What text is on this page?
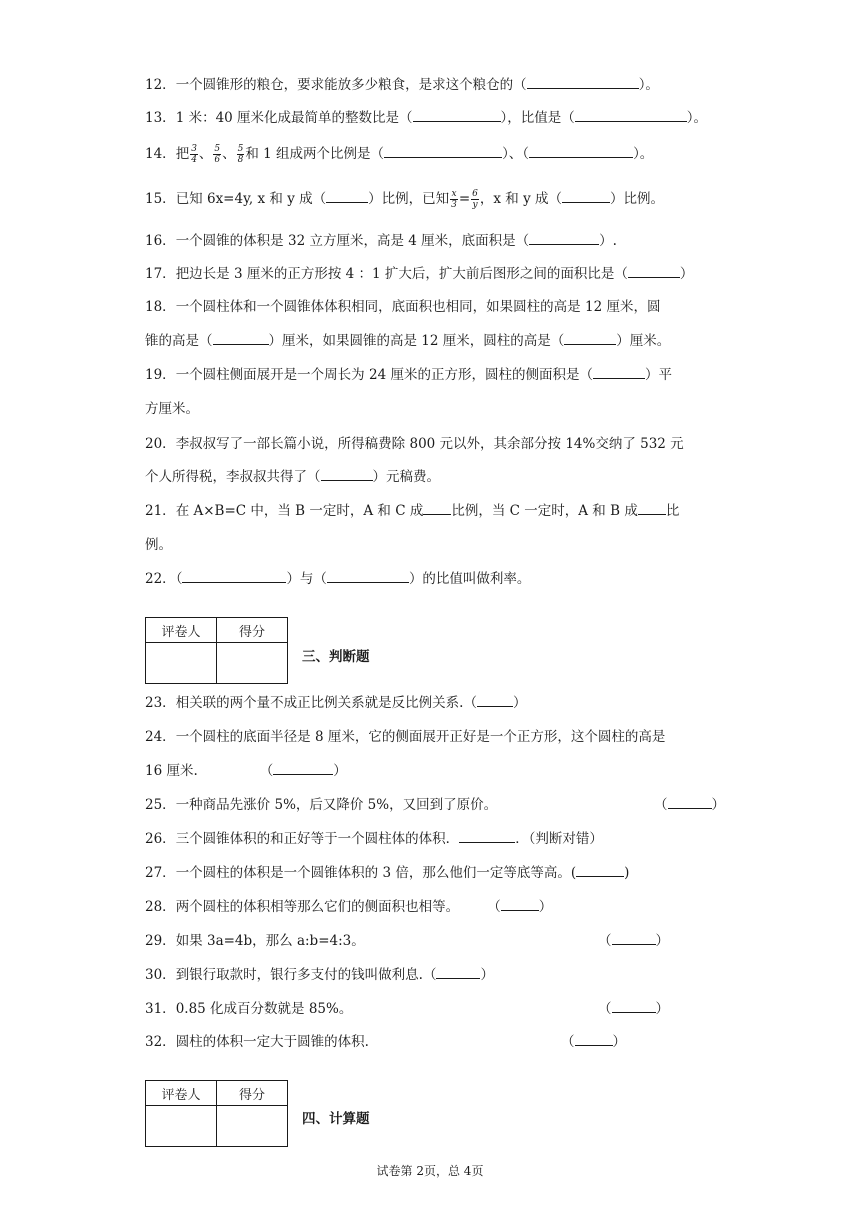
12．一个圆锥形的粮仓，要求能放多少粮食，是求这个粮仓的（	）。
13．1 米：40 厘米化成最简单的整数比是（	），比值是（	）。
14．把 $\frac{3}{4}$ 、 $\frac{5}{6}$ 、 $\frac{5}{8}$ 和 1 组成两个比例是（	）、（	）。
15．已知 6x=4y, x 和 y 成（	）比例，已知 $\frac{x}{3} = \frac{6}{y}$ ，x 和 y 成（	）比例。
16．一个圆锥的体积是 32 立方厘米，高是 4 厘米，底面积是（	）.
17．把边长是 3 厘米的正方形按 4 ：1 扩大后，扩大前后图形之间的面积比是（	）
18．一个圆柱体和一个圆锥体体积相同，底面积也相同，如果圆柱的高是 12 厘米，圆
锥的高是（	）厘米，如果圆锥的高是 12 厘米，圆柱的高是（	）厘米。
19．一个圆柱侧面展开是一个周长为 24 厘米的正方形，圆柱的侧面积是（	）平
方厘米。
20．李叔叔写了一部长篇小说，所得稿费除 800 元以外，其余部分按 14%交纳了 532 元
个人所得税，李叔叔共得了（	）元稿费。
21．在 A×B=C 中，当 B 一定时，A 和 C 成 比例，当 C 一定时，A 和 B 成 比
例。
22．（	）与（	）的比值叫做利率。
评卷人	得分

三、判断题
23．相关联的两个量不成正比例关系就是反比例关系.（	）
24．一个圆柱的底面半径是 8 厘米，它的侧面展开正好是一个正方形，这个圆柱的高是
16 厘米.	（	）
25．一种商品先涨价 5%，后又降价 5%，又回到了原价。	（	）
26．三个圆锥体积的和正好等于一个圆柱体的体积．	．（判断对错）
27．一个圆柱的体积是一个圆锥体积的 3 倍，那么他们一定等底等高。(	)
28．两个圆柱的体积相等那么它们的侧面积也相等。 （	）
29．如果 3a=4b，那么 a:b=4:3。	（	）
30．到银行取款时，银行多支付的钱叫做利息.（	）
31．0.85 化成百分数就是 85%。	（	）
32．圆柱的体积一定大于圆锥的体积.	（	）
评卷人	得分

四、计算题
试卷第 2页，总 4页
